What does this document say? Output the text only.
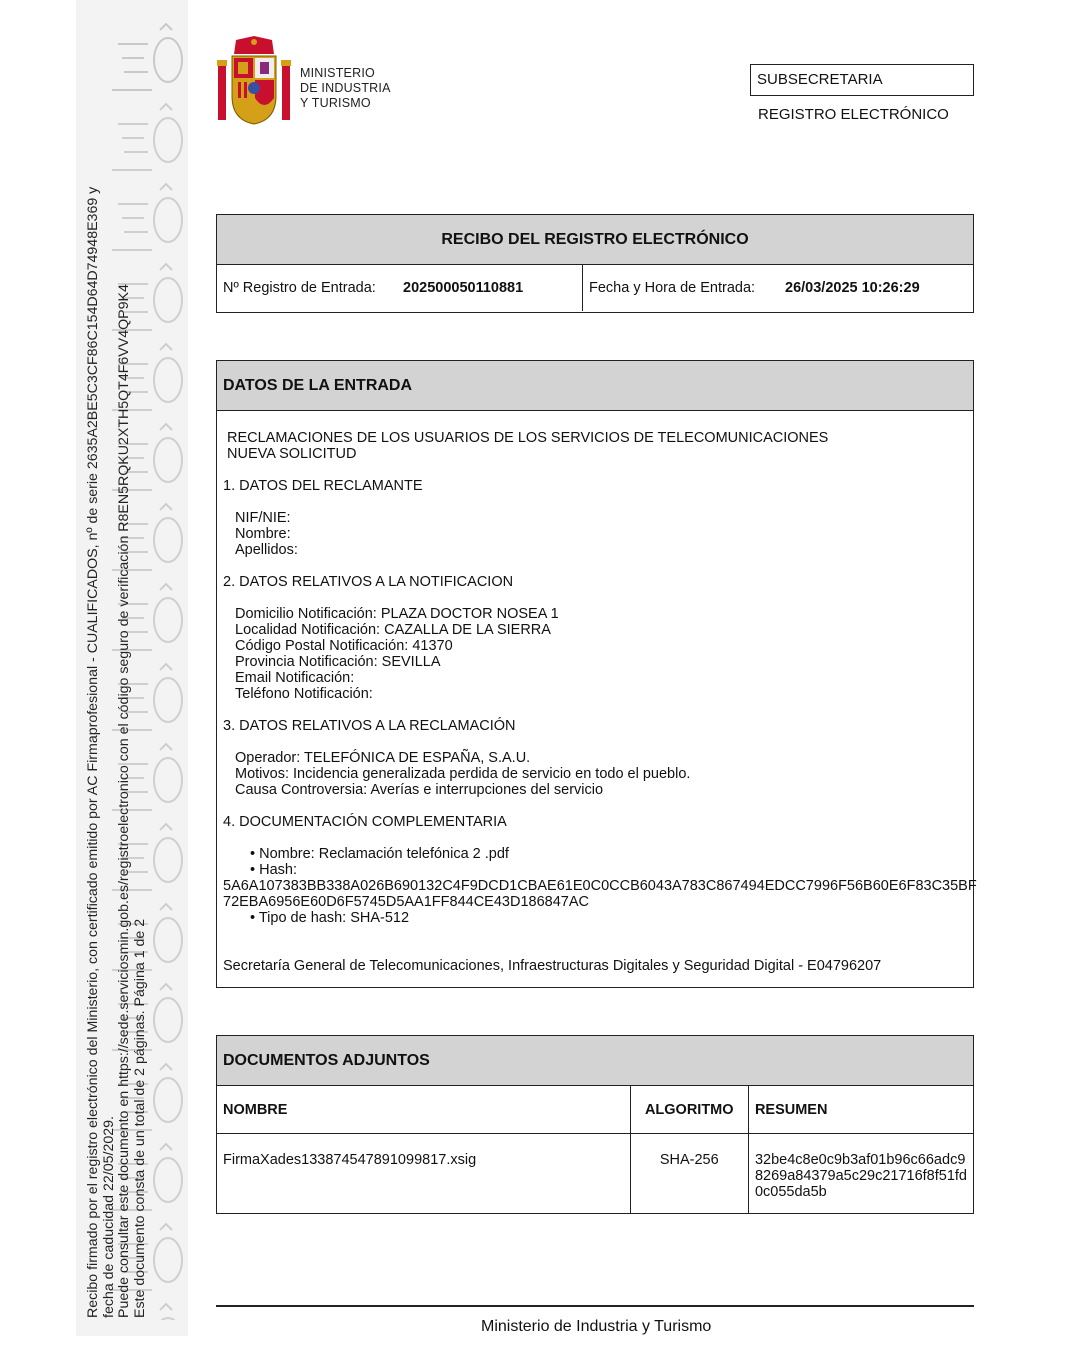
Recibo firmado por el registro electrónico del Ministerio, con certificado emitido por AC Firmaprofesional - CUALIFICADOS, nº de serie 2635A2BE5C3CF86C154D64D74948E369 y fecha de caducidad 22/05/2029. Puede consultar este documento en https://sede.serviciosmin.gob.es/registroelectronico con el código seguro de verificación R8EN5RQKU2XTH5QT4F6VV4QP9K4 Este documento consta de un total de 2 páginas. Página 1 de 2
MINISTERIO
DE INDUSTRIA
Y TURISMO
SUBSECRETARIA
REGISTRO ELECTRÓNICO
RECIBO DEL REGISTRO ELECTRÓNICO
Nº Registro de Entrada:	202500050110881	Fecha y Hora de Entrada:	26/03/2025 10:26:29
DATOS DE LA ENTRADA
RECLAMACIONES DE LOS USUARIOS DE LOS SERVICIOS DE TELECOMUNICACIONES
NUEVA SOLICITUD
1. DATOS DEL RECLAMANTE
NIF/NIE:
Nombre:
Apellidos:
2. DATOS RELATIVOS A LA NOTIFICACION
Domicilio Notificación: PLAZA DOCTOR NOSEA 1
Localidad Notificación: CAZALLA DE LA SIERRA
Código Postal Notificación: 41370
Provincia Notificación: SEVILLA
Email Notificación:
Teléfono Notificación:
3. DATOS RELATIVOS A LA RECLAMACIÓN
Operador: TELEFÓNICA DE ESPAÑA, S.A.U.
Motivos: Incidencia generalizada perdida de servicio en todo el pueblo.
Causa Controversia: Averías e interrupciones del servicio
4. DOCUMENTACIÓN COMPLEMENTARIA
• Nombre: Reclamación telefónica 2 .pdf
• Hash:
5A6A107383BB338A026B690132C4F9DCD1CBAE61E0C0CCB6043A783C867494EDCC7996F56B60E6F83C35BF
72EBA6956E60D6F5745D5AA1FF844CE43D186847AC
• Tipo de hash: SHA-512
Secretaría General de Telecomunicaciones, Infraestructuras Digitales y Seguridad Digital - E04796207
DOCUMENTOS ADJUNTOS
NOMBRE	ALGORITMO	RESUMEN
FirmaXades133874547891099817.xsig	SHA-256	32be4c8e0c9b3af01b96c66adc9
8269a84379a5c29c21716f8f51fd
0c055da5b
Ministerio de Industria y Turismo
